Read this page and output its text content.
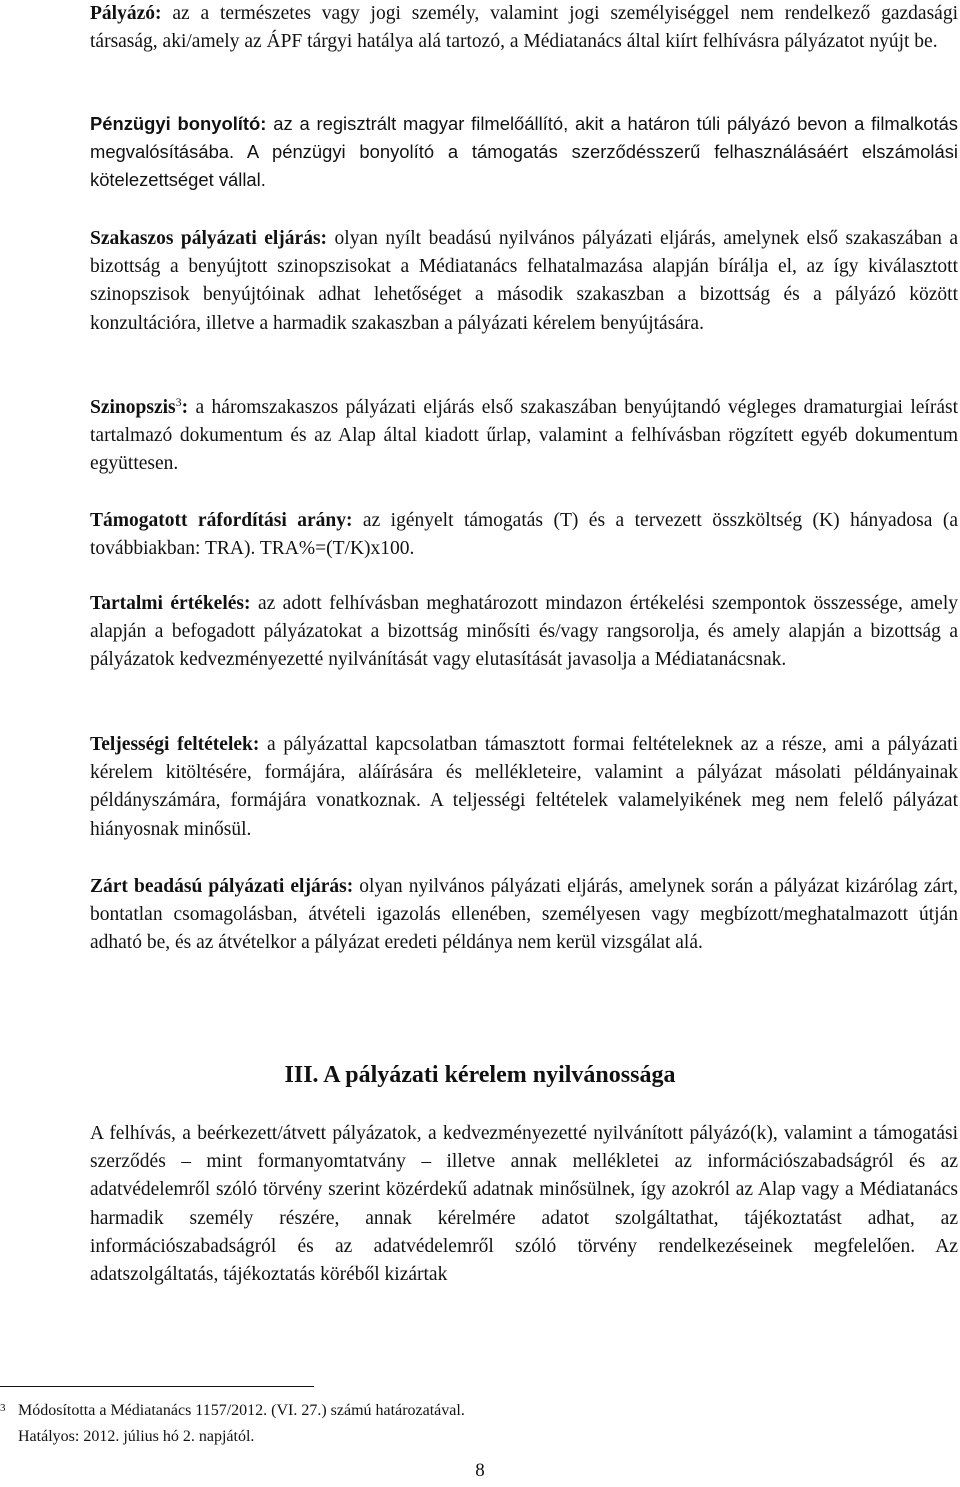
Pályázó: az a természetes vagy jogi személy, valamint jogi személyiséggel nem rendelkező gazdasági társaság, aki/amely az ÁPF tárgyi hatálya alá tartozó, a Médiatanács által kiírt felhívásra pályázatot nyújt be.

Pénzügyi bonyolító: az a regisztrált magyar filmelőállító, akit a határon túli pályázó bevon a filmalkotás megvalósításába. A pénzügyi bonyolító a támogatás szerződésszerű felhasználásáért elszámolási kötelezettséget vállal.

Szakaszos pályázati eljárás: olyan nyílt beadású nyilvános pályázati eljárás, amelynek első szakaszában a bizottság a benyújtott szinopszisokat a Médiatanács felhatalmazása alapján bírálja el, az így kiválasztott szinopszisok benyújtóinak adhat lehetőséget a második szakaszban a bizottság és a pályázó között konzultációra, illetve a harmadik szakaszban a pályázati kérelem benyújtására.

Szinopszis$^3$: a háromszakaszos pályázati eljárás első szakaszában benyújtandó végleges dramaturgiai leírást tartalmazó dokumentum és az Alap által kiadott űrlap, valamint a felhívásban rögzített egyéb dokumentum együttesen.

Támogatott ráfordítási arány: az igényelt támogatás (T) és a tervezett összköltség (K) hányadosa (a továbbiakban: TRA). TRA%=(T/K)x100.

Tartalmi értékelés: az adott felhívásban meghatározott mindazon értékelési szempontok összessége, amely alapján a befogadott pályázatokat a bizottság minősíti és/vagy rangsorolja, és amely alapján a bizottság a pályázatok kedvezményezetté nyilvánítását vagy elutasítását javasolja a Médiatanácsnak.

Teljességi feltételek: a pályázattal kapcsolatban támasztott formai feltételeknek az a része, ami a pályázati kérelem kitöltésére, formájára, aláírására és mellékleteire, valamint a pályázat másolati példányainak példányszámára, formájára vonatkoznak. A teljességi feltételek valamelyikének meg nem felelő pályázat hiányosnak minősül.

Zárt beadású pályázati eljárás: olyan nyilvános pályázati eljárás, amelynek során a pályázat kizárólag zárt, bontatlan csomagolásban, átvételi igazolás ellenében, személyesen vagy megbízott/meghatalmazott útján adható be, és az átvételkor a pályázat eredeti példánya nem kerül vizsgálat alá.

III. A pályázati kérelem nyilvánossága

A felhívás, a beérkezett/átvett pályázatok, a kedvezményezetté nyilvánított pályázó(k), valamint a támogatási szerződés – mint formanyomtatvány – illetve annak mellékletei az információszabadságról és az adatvédelemről szóló törvény szerint közérdekű adatnak minősülnek, így azokról az Alap vagy a Médiatanács harmadik személy részére, annak kérelmére adatot szolgáltathat, tájékoztatást adhat, az információszabadságról és az adatvédelemről szóló törvény rendelkezéseinek megfelelően. Az adatszolgáltatás, tájékoztatás köréből kizártak

3 Módosította a Médiatanács 1157/2012. (VI. 27.) számú határozatával.
Hatályos: 2012. július hó 2. napjától.
8
